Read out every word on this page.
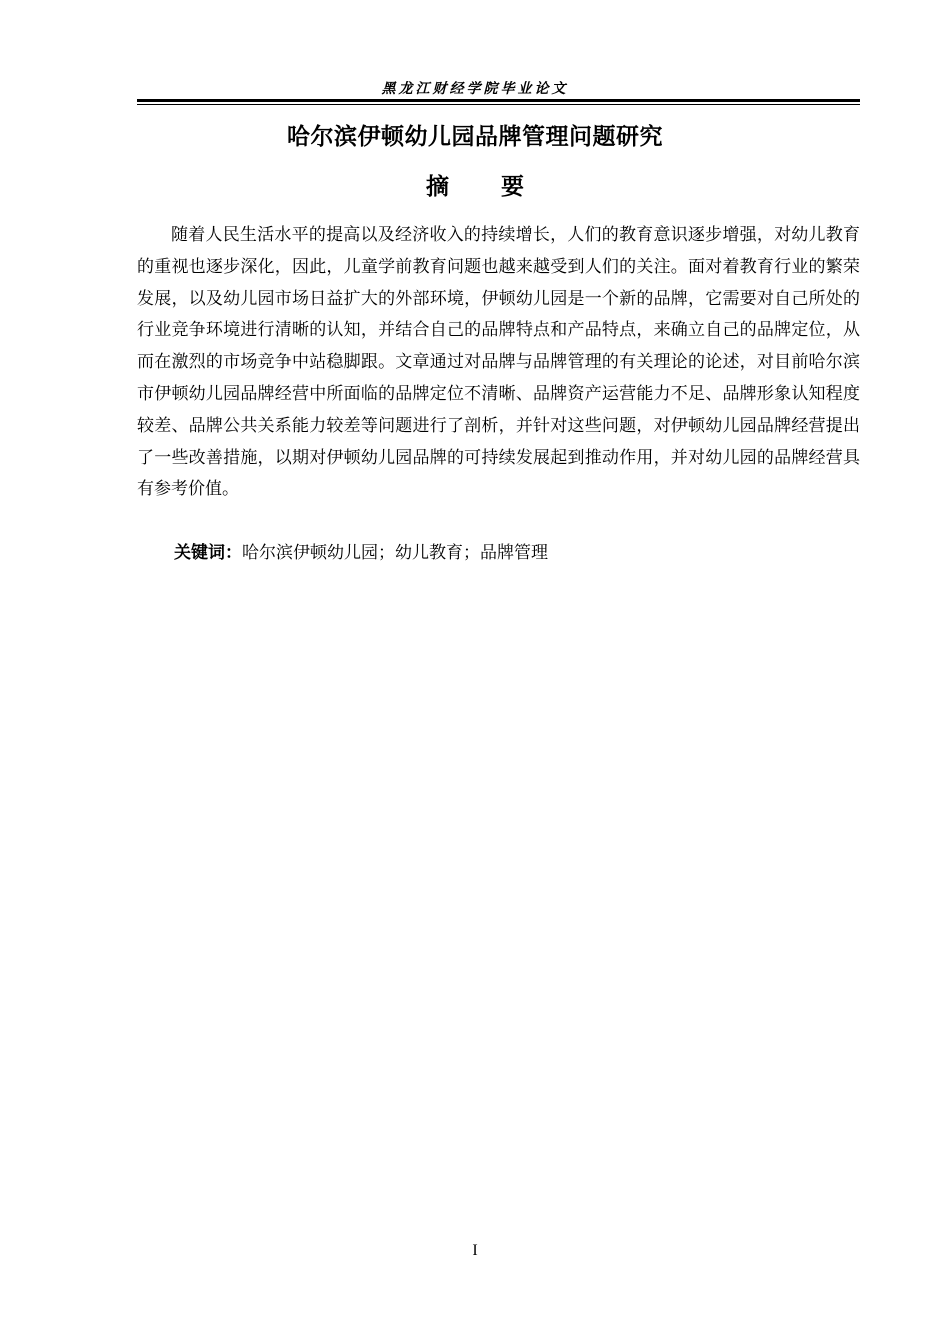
黑龙江财经学院毕业论文
哈尔滨伊顿幼儿园品牌管理问题研究
摘 要

随着人民生活水平的提高以及经济收入的持续增长，人们的教育意识逐步增强，对幼儿教育的重视也逐步深化，因此，儿童学前教育问题也越来越受到人们的关注。面对着教育行业的繁荣发展，以及幼儿园市场日益扩大的外部环境，伊顿幼儿园是一个新的品牌，它需要对自己所处的行业竞争环境进行清晰的认知，并结合自己的品牌特点和产品特点，来确立自己的品牌定位，从而在激烈的市场竞争中站稳脚跟。文章通过对品牌与品牌管理的有关理论的论述，对目前哈尔滨市伊顿幼儿园品牌经营中所面临的品牌定位不清晰、品牌资产运营能力不足、品牌形象认知程度较差、品牌公共关系能力较差等问题进行了剖析，并针对这些问题，对伊顿幼儿园品牌经营提出了一些改善措施，以期对伊顿幼儿园品牌的可持续发展起到推动作用，并对幼儿园的品牌经营具有参考价值。

关键词：哈尔滨伊顿幼儿园；幼儿教育；品牌管理
I
